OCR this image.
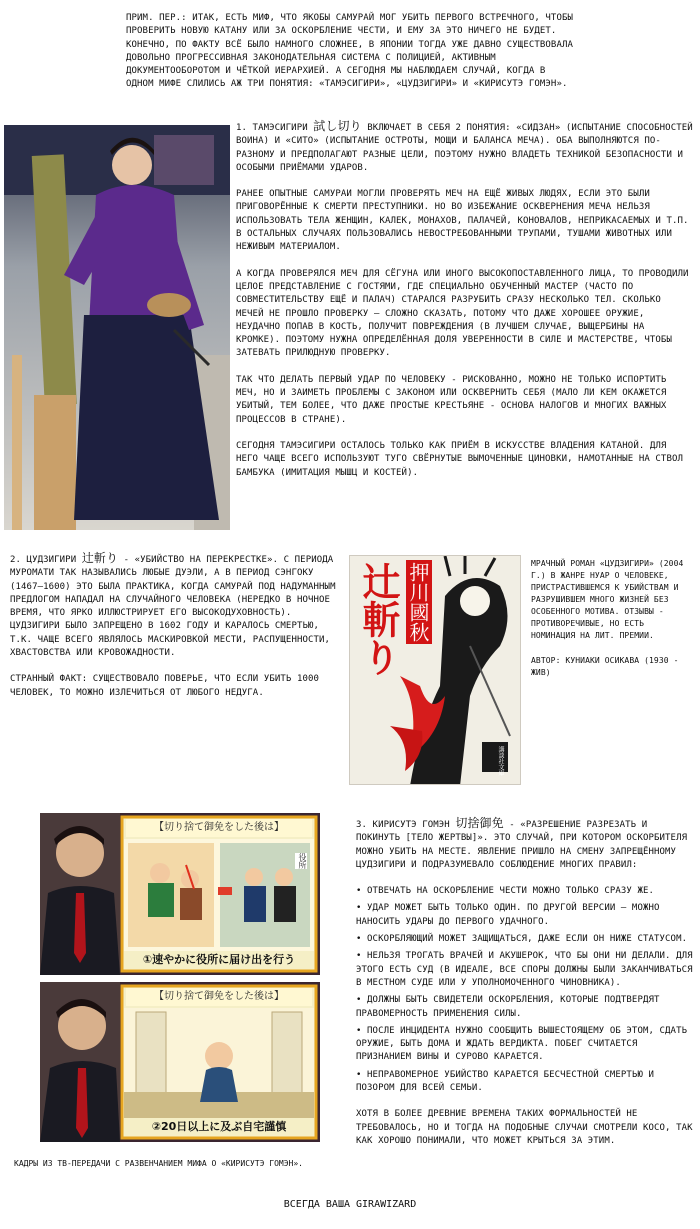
ПРИМ. ПЕР.: ИТАК, ЕСТЬ МИФ, ЧТО ЯКОБЫ САМУРАЙ МОГ УБИТЬ ПЕРВОГО ВСТРЕЧНОГО, ЧТОБЫ ПРОВЕРИТЬ НОВУЮ КАТАНУ ИЛИ ЗА ОСКОРБЛЕНИЕ ЧЕСТИ, И ЕМУ ЗА ЭТО НИЧЕГО НЕ БУДЕТ. КОНЕЧНО, ПО ФАКТУ ВСЁ БЫЛО НАМНОГО СЛОЖНЕЕ, В ЯПОНИИ ТОГДА УЖЕ ДАВНО СУЩЕСТВОВАЛА ДОВОЛЬНО ПРОГРЕССИВНАЯ ЗАКОНОДАТЕЛЬНАЯ СИСТЕМА С ПОЛИЦИЕЙ, АКТИВНЫМ ДОКУМЕНТООБОРОТОМ И ЧЁТКОЙ ИЕРАРХИЕЙ. А СЕГОДНЯ МЫ НАБЛЮДАЕМ СЛУЧАЙ, КОГДА В ОДНОМ МИФЕ СЛИЛИСЬ АЖ ТРИ ПОНЯТИЯ: «ТАМЭСИГИРИ», «ЦУДЗИГИРИ» И «КИРИСУТЭ ГОМЭН».

1. ТАМЭСИГИРИ 試し切り ВКЛЮЧАЕТ В СЕБЯ 2 ПОНЯТИЯ: «СИДЗАН» (ИСПЫТАНИЕ СПОСОБНОСТЕЙ ВОИНА) И «СИТО» (ИСПЫТАНИЕ ОСТРОТЫ, МОЩИ И БАЛАНСА МЕЧА). ОБА ВЫПОЛНЯЮТСЯ ПО-РАЗНОМУ И ПРЕДПОЛАГАЮТ РАЗНЫЕ ЦЕЛИ, ПОЭТОМУ НУЖНО ВЛАДЕТЬ ТЕХНИКОЙ БЕЗОПАСНОСТИ И ОСОБЫМИ ПРИЁМАМИ УДАРОВ.

РАНЕЕ ОПЫТНЫЕ САМУРАИ МОГЛИ ПРОВЕРЯТЬ МЕЧ НА ЕЩЁ ЖИВЫХ ЛЮДЯХ, ЕСЛИ ЭТО БЫЛИ ПРИГОВОРЁННЫЕ К СМЕРТИ ПРЕСТУПНИКИ. НО ВО ИЗБЕЖАНИЕ ОСКВЕРНЕНИЯ МЕЧА НЕЛЬЗЯ ИСПОЛЬЗОВАТЬ ТЕЛА ЖЕНЩИН, КАЛЕК, МОНАХОВ, ПАЛАЧЕЙ, КОНОВАЛОВ, НЕПРИКАСАЕМЫХ И Т.П. В ОСТАЛЬНЫХ СЛУЧАЯХ ПОЛЬЗОВАЛИСЬ НЕВОСТРЕБОВАННЫМИ ТРУПАМИ, ТУШАМИ ЖИВОТНЫХ ИЛИ НЕЖИВЫМ МАТЕРИАЛОМ.

А КОГДА ПРОВЕРЯЛСЯ МЕЧ ДЛЯ СЁГУНА ИЛИ ИНОГО ВЫСОКОПОСТАВЛЕННОГО ЛИЦА, ТО ПРОВОДИЛИ ЦЕЛОЕ ПРЕДСТАВЛЕНИЕ С ГОСТЯМИ, ГДЕ СПЕЦИАЛЬНО ОБУЧЕННЫЙ МАСТЕР (ЧАСТО ПО СОВМЕСТИТЕЛЬСТВУ ЕЩЁ И ПАЛАЧ) СТАРАЛСЯ РАЗРУБИТЬ СРАЗУ НЕСКОЛЬКО ТЕЛ. СКОЛЬКО МЕЧЕЙ НЕ ПРОШЛО ПРОВЕРКУ – СЛОЖНО СКАЗАТЬ, ПОТОМУ ЧТО ДАЖЕ ХОРОШЕЕ ОРУЖИЕ, НЕУДАЧНО ПОПАВ В КОСТЬ, ПОЛУЧИТ ПОВРЕЖДЕНИЯ (В ЛУЧШЕМ СЛУЧАЕ, ВЫЩЕРБИНЫ НА КРОМКЕ). ПОЭТОМУ НУЖНА ОПРЕДЕЛЁННАЯ ДОЛЯ УВЕРЕННОСТИ В СИЛЕ И МАСТЕРСТВЕ, ЧТОБЫ ЗАТЕВАТЬ ПРИЛЮДНУЮ ПРОВЕРКУ.

ТАК ЧТО ДЕЛАТЬ ПЕРВЫЙ УДАР ПО ЧЕЛОВЕКУ - РИСКОВАННО, МОЖНО НЕ ТОЛЬКО ИСПОРТИТЬ МЕЧ, НО И ЗАИМЕТЬ ПРОБЛЕМЫ С ЗАКОНОМ ИЛИ ОСКВЕРНИТЬ СЕБЯ (МАЛО ЛИ КЕМ ОКАЖЕТСЯ УБИТЫЙ, ТЕМ БОЛЕЕ, ЧТО ДАЖЕ ПРОСТЫЕ КРЕСТЬЯНЕ - ОСНОВА НАЛОГОВ И МНОГИХ ВАЖНЫХ ПРОЦЕССОВ В СТРАНЕ).

СЕГОДНЯ ТАМЭСИГИРИ ОСТАЛОСЬ ТОЛЬКО КАК ПРИЁМ В ИСКУССТВЕ ВЛАДЕНИЯ КАТАНОЙ. ДЛЯ НЕГО ЧАЩЕ ВСЕГО ИСПОЛЬЗУЮТ ТУГО СВЁРНУТЫЕ ВЫМОЧЕННЫЕ ЦИНОВКИ, НАМОТАННЫЕ НА СТВОЛ БАМБУКА (ИМИТАЦИЯ МЫШЦ И КОСТЕЙ).

2. ЦУДЗИГИРИ 辻斬り - «УБИЙСТВО НА ПЕРЕКРЕСТКЕ». С ПЕРИОДА МУРОМАТИ ТАК НАЗЫВАЛИСЬ ЛЮБЫЕ ДУЭЛИ, А В ПЕРИОД СЭНГОКУ (1467–1600) ЭТО БЫЛА ПРАКТИКА, КОГДА САМУРАЙ ПОД НАДУМАННЫМ ПРЕДЛОГОМ НАПАДАЛ НА СЛУЧАЙНОГО ЧЕЛОВЕКА (НЕРЕДКО В НОЧНОЕ ВРЕМЯ, ЧТО ЯРКО ИЛЛЮСТРИРУЕТ ЕГО ВЫСОКОДУХОВНОСТЬ). ЦУДЗИГИРИ БЫЛО ЗАПРЕЩЕНО В 1602 ГОДУ И КАРАЛОСЬ СМЕРТЬЮ, Т.К. ЧАЩЕ ВСЕГО ЯВЛЯЛОСЬ МАСКИРОВКОЙ МЕСТИ, РАСПУЩЕННОСТИ, ХВАСТОВСТВА ИЛИ КРОВОЖАДНОСТИ.

СТРАННЫЙ ФАКТ: СУЩЕСТВОВАЛО ПОВЕРЬЕ, ЧТО ЕСЛИ УБИТЬ 1000 ЧЕЛОВЕК, ТО МОЖНО ИЗЛЕЧИТЬСЯ ОТ ЛЮБОГО НЕДУГА.

辻斬り 押川國秋
講談社文庫

МРАЧНЫЙ РОМАН «ЦУДЗИГИРИ» (2004 Г.) В ЖАНРЕ НУАР О ЧЕЛОВЕКЕ, ПРИСТРАСТИВШЕМСЯ К УБИЙСТВАМ И РАЗРУШИВШЕМ МНОГО ЖИЗНЕЙ БЕЗ ОСОБЕННОГО МОТИВА. ОТЗЫВЫ - ПРОТИВОРЕЧИВЫЕ, НО ЕСТЬ НОМИНАЦИЯ НА ЛИТ. ПРЕМИИ.

АВТОР: КУНИАКИ ОСИКАВА (1930 - ЖИВ)

【切り捨て御免をした後は】
役所
①速やかに役所に届け出を行う
【切り捨て御免をした後は】
②20日以上に及ぶ自宅謹慎
КАДРЫ ИЗ ТВ-ПЕРЕДАЧИ С РАЗВЕНЧАНИЕМ МИФА О «КИРИСУТЭ ГОМЭН».

3. КИРИСУТЭ ГОМЭН 切捨御免 - «РАЗРЕШЕНИЕ РАЗРЕЗАТЬ И ПОКИНУТЬ [ТЕЛО ЖЕРТВЫ]». ЭТО СЛУЧАЙ, ПРИ КОТОРОМ ОСКОРБИТЕЛЯ МОЖНО УБИТЬ НА МЕСТЕ. ЯВЛЕНИЕ ПРИШЛО НА СМЕНУ ЗАПРЕЩЁННОМУ ЦУДЗИГИРИ И ПОДРАЗУМЕВАЛО СОБЛЮДЕНИЕ МНОГИХ ПРАВИЛ:

• ОТВЕЧАТЬ НА ОСКОРБЛЕНИЕ ЧЕСТИ МОЖНО ТОЛЬКО СРАЗУ ЖЕ.
• УДАР МОЖЕТ БЫТЬ ТОЛЬКО ОДИН. ПО ДРУГОЙ ВЕРСИИ – МОЖНО НАНОСИТЬ УДАРЫ ДО ПЕРВОГО УДАЧНОГО.
• ОСКОРБЛЯЮЩИЙ МОЖЕТ ЗАЩИЩАТЬСЯ, ДАЖЕ ЕСЛИ ОН НИЖЕ СТАТУСОМ.
• НЕЛЬЗЯ ТРОГАТЬ ВРАЧЕЙ И АКУШЕРОК, ЧТО БЫ ОНИ НИ ДЕЛАЛИ. ДЛЯ ЭТОГО ЕСТЬ СУД (В ИДЕАЛЕ, ВСЕ СПОРЫ ДОЛЖНЫ БЫЛИ ЗАКАНЧИВАТЬСЯ В МЕСТНОМ СУДЕ ИЛИ У УПОЛНОМОЧЕННОГО ЧИНОВНИКА).
• ДОЛЖНЫ БЫТЬ СВИДЕТЕЛИ ОСКОРБЛЕНИЯ, КОТОРЫЕ ПОДТВЕРДЯТ ПРАВОМЕРНОСТЬ ПРИМЕНЕНИЯ СИЛЫ.
• ПОСЛЕ ИНЦИДЕНТА НУЖНО СООБЩИТЬ ВЫШЕСТОЯЩЕМУ ОБ ЭТОМ, СДАТЬ ОРУЖИЕ, БЫТЬ ДОМА И ЖДАТЬ ВЕРДИКТА. ПОБЕГ СЧИТАЕТСЯ ПРИЗНАНИЕМ ВИНЫ И СУРОВО КАРАЕТСЯ.
• НЕПРАВОМЕРНОЕ УБИЙСТВО КАРАЕТСЯ БЕСЧЕСТНОЙ СМЕРТЬЮ И ПОЗОРОМ ДЛЯ ВСЕЙ СЕМЬИ.

ХОТЯ В БОЛЕЕ ДРЕВНИЕ ВРЕМЕНА ТАКИХ ФОРМАЛЬНОСТЕЙ НЕ ТРЕБОВАЛОСЬ, НО И ТОГДА НА ПОДОБНЫЕ СЛУЧАИ СМОТРЕЛИ КОСО, ТАК КАК ХОРОШО ПОНИМАЛИ, ЧТО МОЖЕТ КРЫТЬСЯ ЗА ЭТИМ.

ВСЕГДА ВАША GIRAWIZARD
